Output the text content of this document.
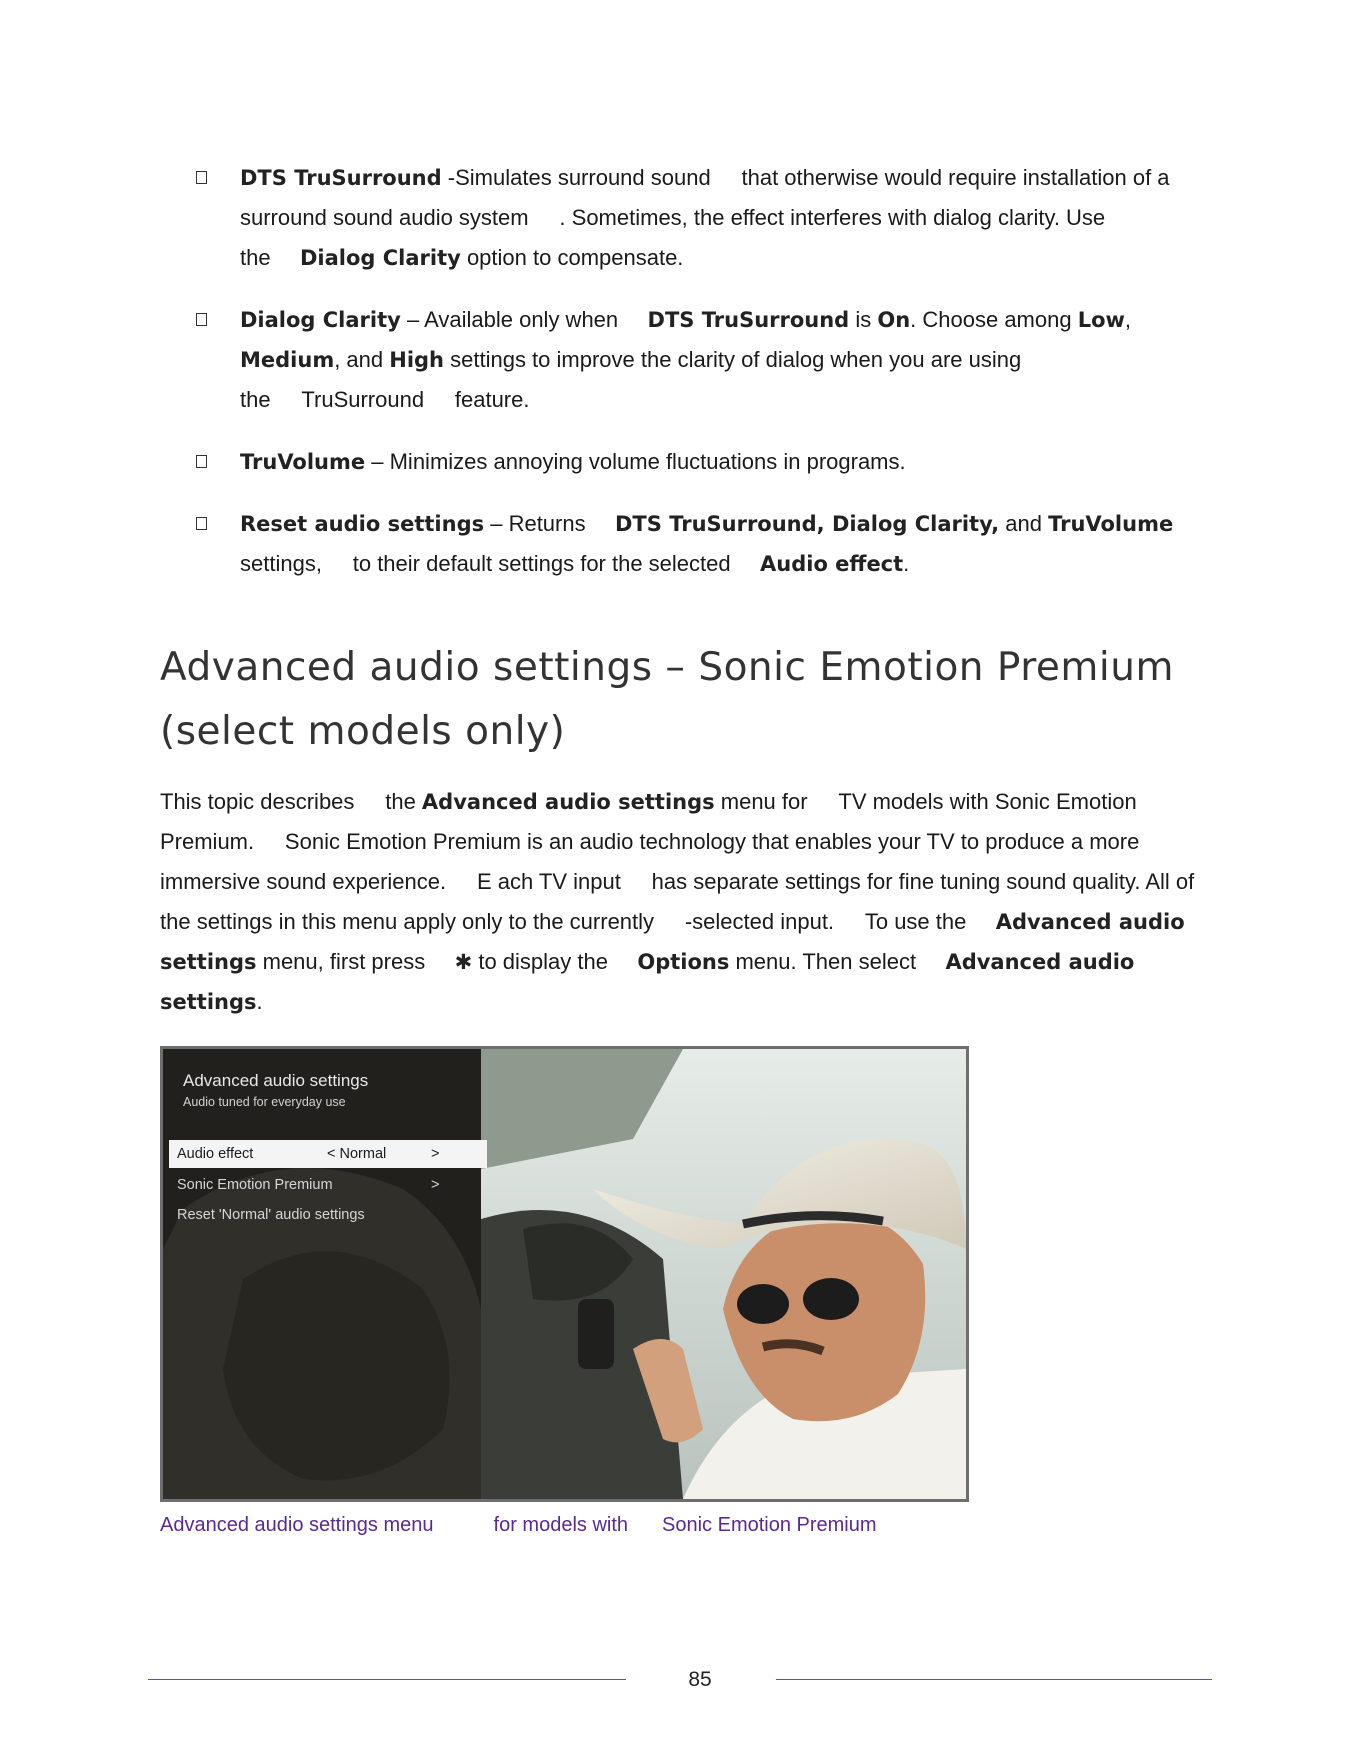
DTS TruSurround -Simulates surround sound that otherwise would require installation of a surround sound audio system . Sometimes, the effect interferes with dialog clarity. Use the Dialog Clarity option to compensate.
Dialog Clarity – Available only when DTS TruSurround is On. Choose among Low, Medium, and High settings to improve the clarity of dialog when you are using the TruSurround feature.
TruVolume – Minimizes annoying volume fluctuations in programs.
Reset audio settings – Returns DTS TruSurround, Dialog Clarity, and TruVolume settings, to their default settings for the selected Audio effect.
Advanced audio settings – Sonic Emotion Premium (select models only)

This topic describes the Advanced audio settings menu for TV models with Sonic Emotion Premium. Sonic Emotion Premium is an audio technology that enables your TV to produce a more immersive sound experience. E ach TV input has separate settings for fine tuning sound quality. All of the settings in this menu apply only to the currently -selected input. To use the Advanced audio settings menu, first press ✱ to display the Options menu. Then select Advanced audio settings.

Advanced audio settings
Audio tuned for everyday use
Audio effect	< Normal	>
Sonic Emotion Premium	>
Reset 'Normal' audio settings

Advanced audio settings menu	for models with Sonic Emotion Premium

85
